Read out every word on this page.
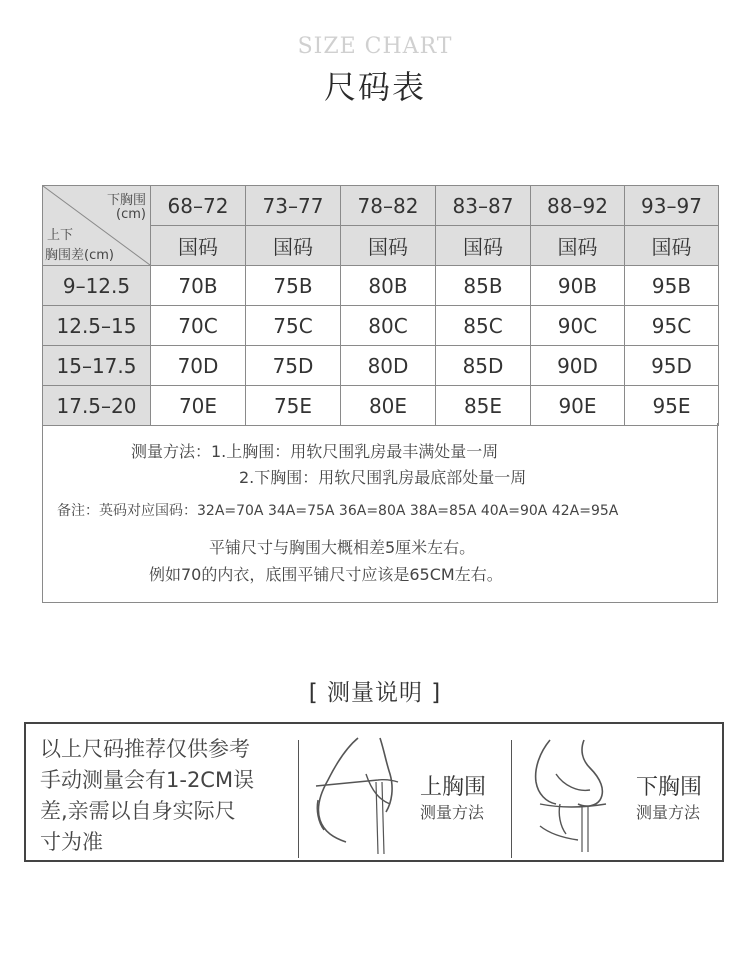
SIZE CHART
尺码表
下胸围
(cm)
上下
胸围差(cm)	68–72	73–77	78–82	83–87	88–92	93–97
	国码	国码	国码	国码	国码	国码
9–12.5	70B	75B	80B	85B	90B	95B
12.5–15	70C	75C	80C	85C	90C	95C
15–17.5	70D	75D	80D	85D	90D	95D
17.5–20	70E	75E	80E	85E	90E	95E
测量方法：1.上胸围：用软尺围乳房最丰满处量一周
2.下胸围：用软尺围乳房最底部处量一周
备注：英码对应国码：32A=70A 34A=75A 36A=80A 38A=85A 40A=90A 42A=95A
平铺尺寸与胸围大概相差5厘米左右。
例如70的内衣，底围平铺尺寸应该是65CM左右。
[ 测量说明 ]
以上尺码推荐仅供参考
手动测量会有1-2CM误
差,亲需以自身实际尺
寸为准
上胸围
测量方法
下胸围
测量方法
